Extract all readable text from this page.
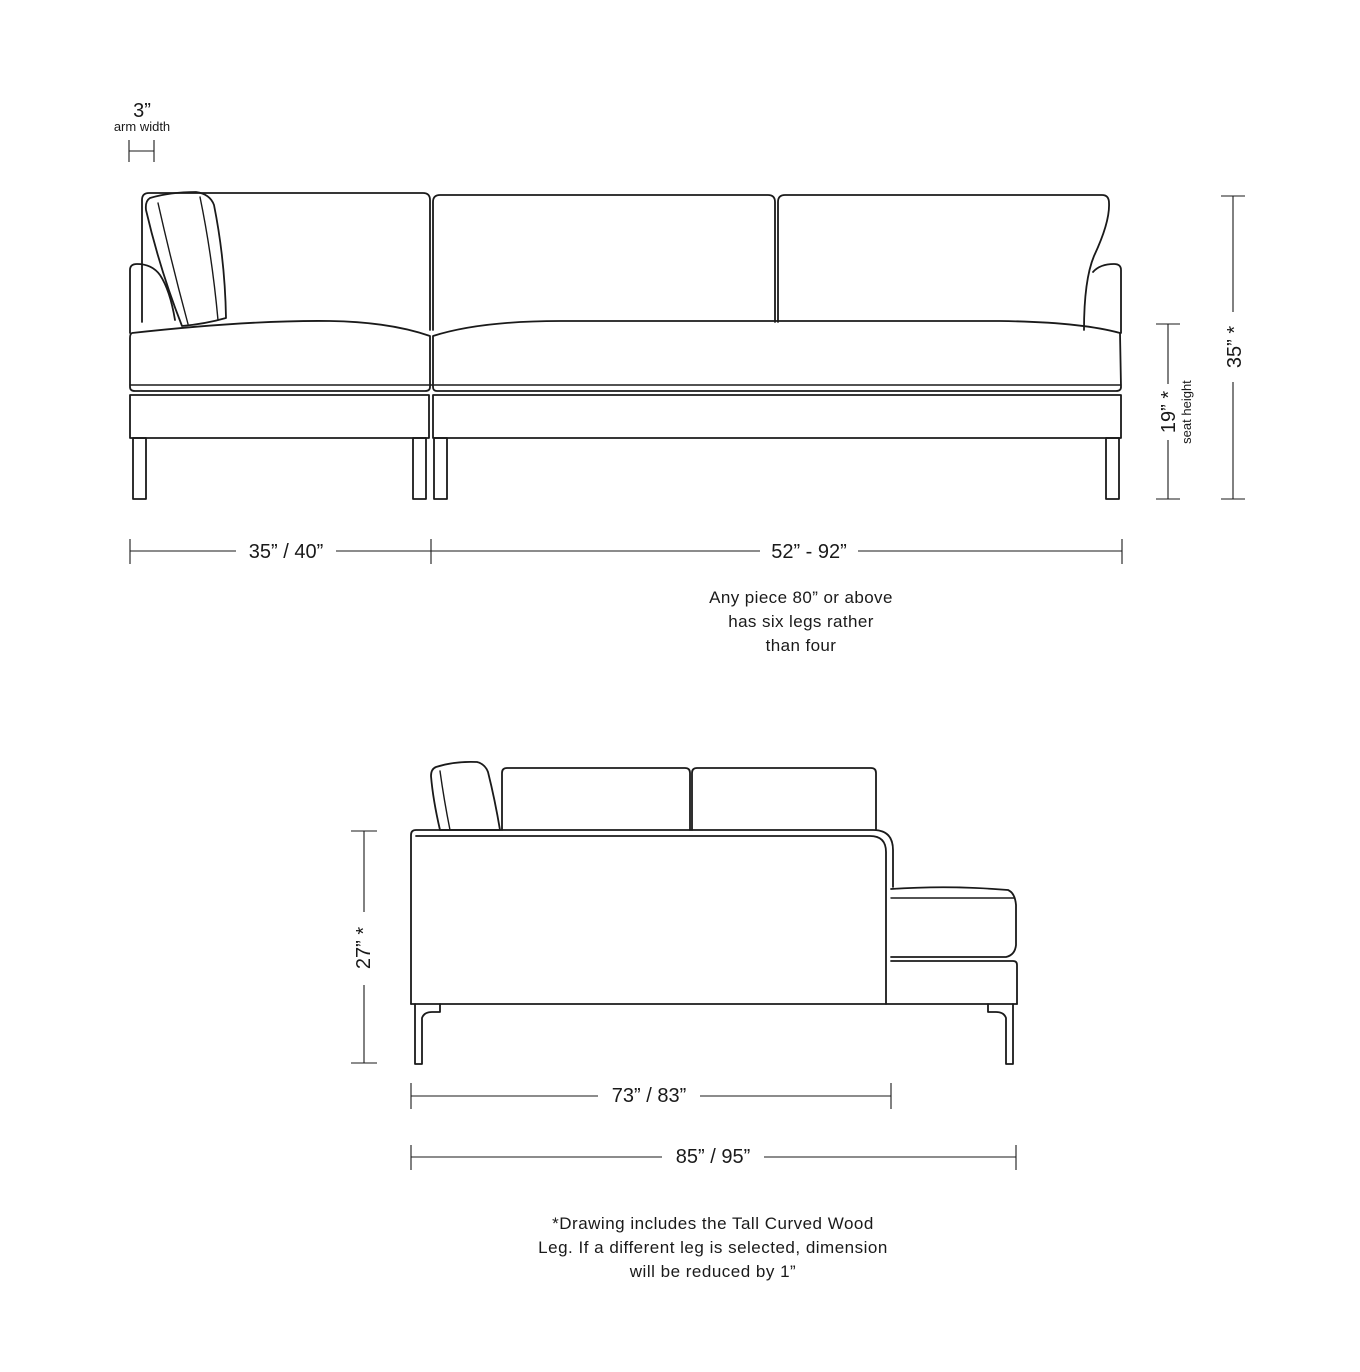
3”
arm width
35” / 40”	52” - 92”
19” * seat height
35” *
27” *
73” / 83”
85” / 95”
Any piece 80” or above
has six legs rather
than four
*Drawing includes the Tall Curved Wood
Leg. If a different leg is selected, dimension
will be reduced by 1”
